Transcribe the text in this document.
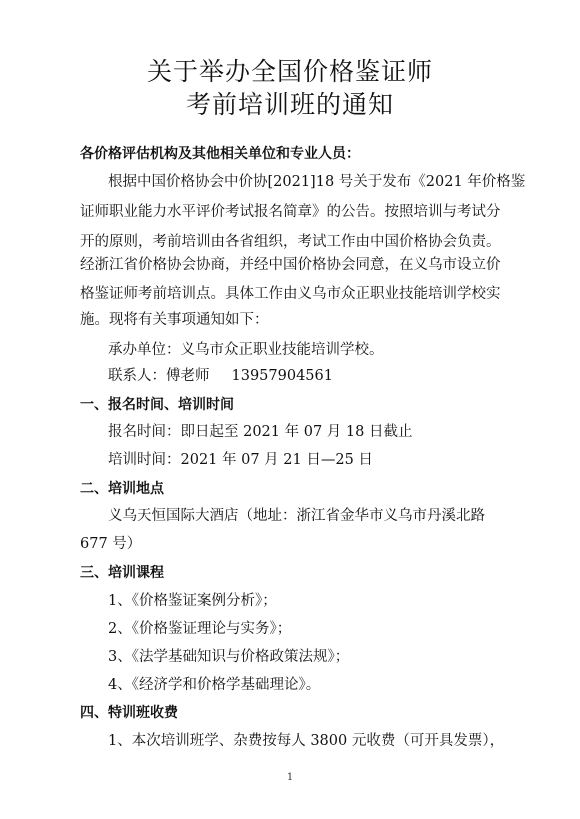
关于举办全国价格鉴证师
考前培训班的通知
各价格评估机构及其他相关单位和专业人员：
根据中国价格协会中价协[2021]18 号关于发布《2021 年价格鉴
证师职业能力水平评价考试报名简章》的公告。按照培训与考试分
开的原则，考前培训由各省组织，考试工作由中国价格协会负责。
经浙江省价格协会协商，并经中国价格协会同意，在义乌市设立价
格鉴证师考前培训点。具体工作由义乌市众正职业技能培训学校实
施。现将有关事项通知如下：
承办单位：义乌市众正职业技能培训学校。
联系人：傅老师 13957904561
一、报名时间、培训时间
报名时间：即日起至 2021 年 07 月 18 日截止
培训时间：2021 年 07 月 21 日—25 日
二、培训地点
义乌天恒国际大酒店（地址：浙江省金华市义乌市丹溪北路
677 号）
三、培训课程
1、《价格鉴证案例分析》；
2、《价格鉴证理论与实务》；
3、《法学基础知识与价格政策法规》；
4、《经济学和价格学基础理论》。
四、特训班收费
1、本次培训班学、杂费按每人 3800 元收费（可开具发票），
1
